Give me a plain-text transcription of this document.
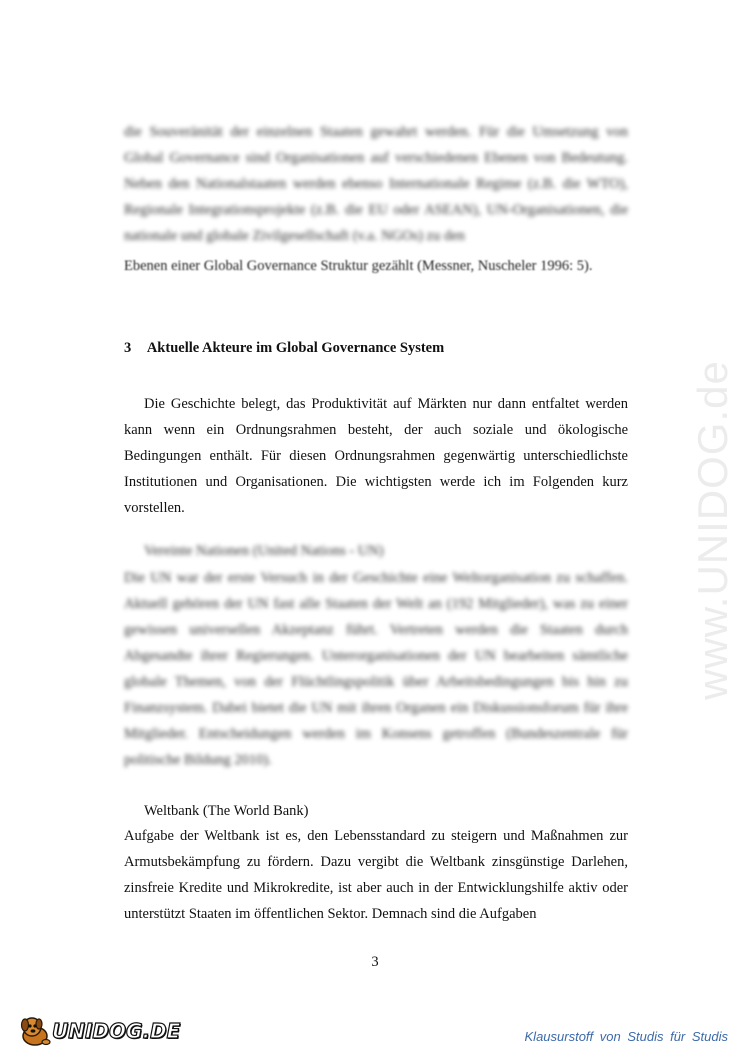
die Souveränität der einzelnen Staaten gewahrt werden. Für die Umsetzung von Global Governance sind Organisationen auf verschiedenen Ebenen von Bedeutung. Neben den Nationalstaaten werden ebenso Internationale Regime (z.B. die WTO), Regionale Integrationsprojekte (z.B. die EU oder ASEAN), UN-Organisationen, die nationale und globale Zivilgesellschaft (v.a. NGOs) zu den

Ebenen einer Global Governance Struktur gezählt (Messner, Nuscheler 1996: 5).

3 Aktuelle Akteure im Global Governance System

Die Geschichte belegt, das Produktivität auf Märkten nur dann entfaltet werden kann wenn ein Ordnungsrahmen besteht, der auch soziale und ökologische Bedingungen enthält. Für diesen Ordnungsrahmen gegenwärtig unterschiedlichste Institutionen und Organisationen. Die wichtigsten werde ich im Folgenden kurz vorstellen.

Vereinte Nationen (United Nations - UN)

Die UN war der erste Versuch in der Geschichte eine Weltorganisation zu schaffen. Aktuell gehören der UN fast alle Staaten der Welt an (192 Mitglieder), was zu einer gewissen universellen Akzeptanz führt. Vertreten werden die Staaten durch Abgesandte ihrer Regierungen. Unterorganisationen der UN bearbeiten sämtliche globale Themen, von der Flüchtlingspolitik über Arbeitsbedingungen bis hin zu Finanzsystem. Dabei bietet die UN mit ihren Organen ein Diskussionsforum für ihre Mitglieder. Entscheidungen werden im Konsens getroffen (Bundeszentrale für politische Bildung 2010).

Weltbank (The World Bank)

Aufgabe der Weltbank ist es, den Lebensstandard zu steigern und Maßnahmen zur Armutsbekämpfung zu fördern. Dazu vergibt die Weltbank zinsgünstige Darlehen, zinsfreie Kredite und Mikrokredite, ist aber auch in der Entwicklungshilfe aktiv oder unterstützt Staaten im öffentlichen Sektor. Demnach sind die Aufgaben

3
www.UNIDOG.de
UNIDOG.DE	Klausurstoff von Studis für Studis
